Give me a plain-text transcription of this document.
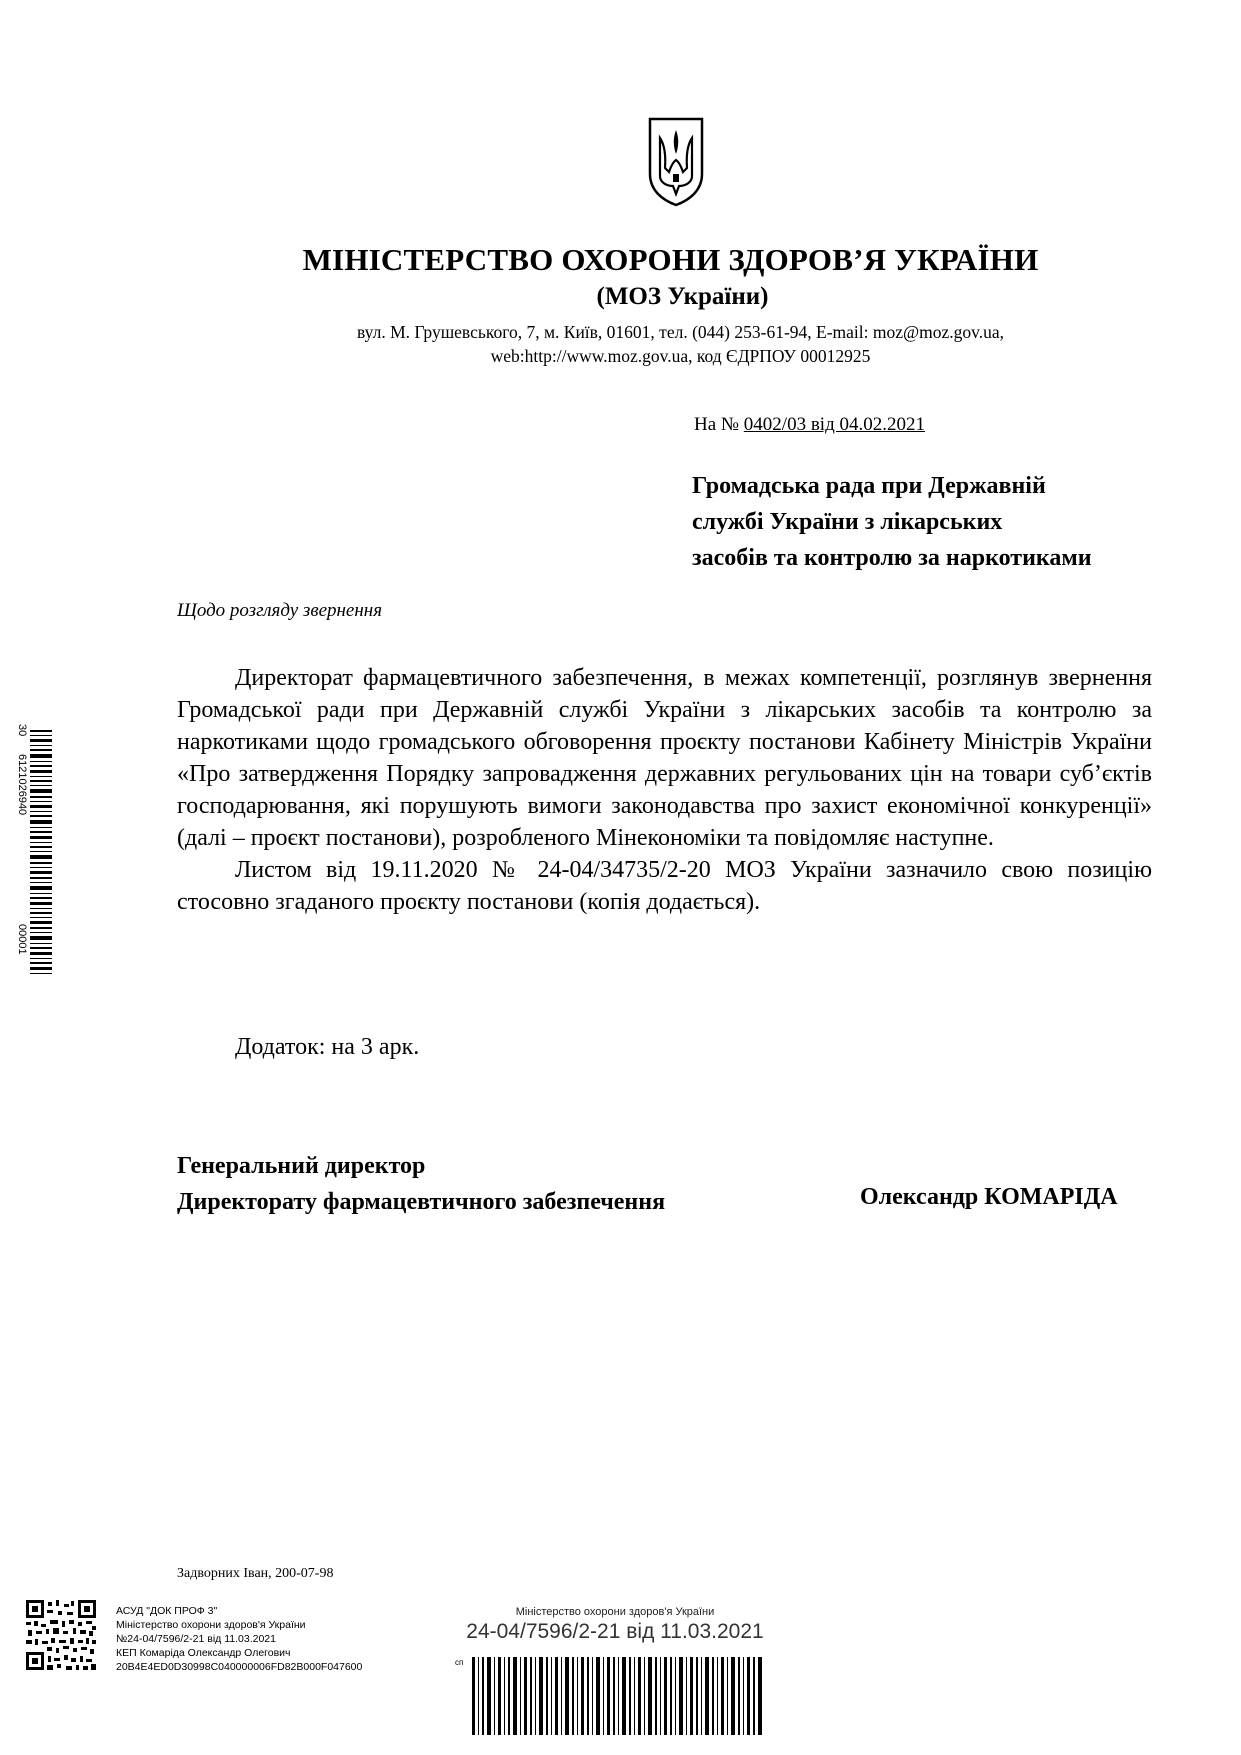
МІНІСТЕРСТВО ОХОРОНИ ЗДОРОВ’Я УКРАЇНИ
(МОЗ України)
вул. М. Грушевського, 7, м. Київ, 01601, тел. (044) 253-61-94, E-mail: moz@moz.gov.ua,
web:http://www.moz.gov.ua, код ЄДРПОУ 00012925
На № 0402/03 від 04.02.2021
Громадська рада при Державній
службі України з лікарських
засобів та контролю за наркотиками
Щодо розгляду звернення

Директорат фармацевтичного забезпечення, в межах компетенції, розглянув звернення Громадської ради при Державній службі України з лікарських засобів та контролю за наркотиками щодо громадського обговорення проєкту постанови Кабінету Міністрів України «Про затвердження Порядку запровадження державних регульованих цін на товари суб’єктів господарювання, які порушують вимоги законодавства про захист економічної конкуренції» (далі – проєкт постанови), розробленого Мінекономіки та повідомляє наступне.

Листом від 19.11.2020 № 24-04/34735/2-20 МОЗ України зазначило свою позицію стосовно згаданого проєкту постанови (копія додається).

Додаток: на 3 арк.
Генеральний директор
Директорату фармацевтичного забезпечення	Олександр КОМАРІДА
Задворних Іван, 200-07-98
30
6121026940
00001
АСУД "ДОК ПРОФ 3"
Міністерство охорони здоров'я України
№24-04/7596/2-21 від 11.03.2021
КЕП Комаріда Олександр Олегович
20B4E4ED0D30998C040000006FD82B000F047600
Міністерство охорони здоров'я України
24-04/7596/2-21 від 11.03.2021
cп
